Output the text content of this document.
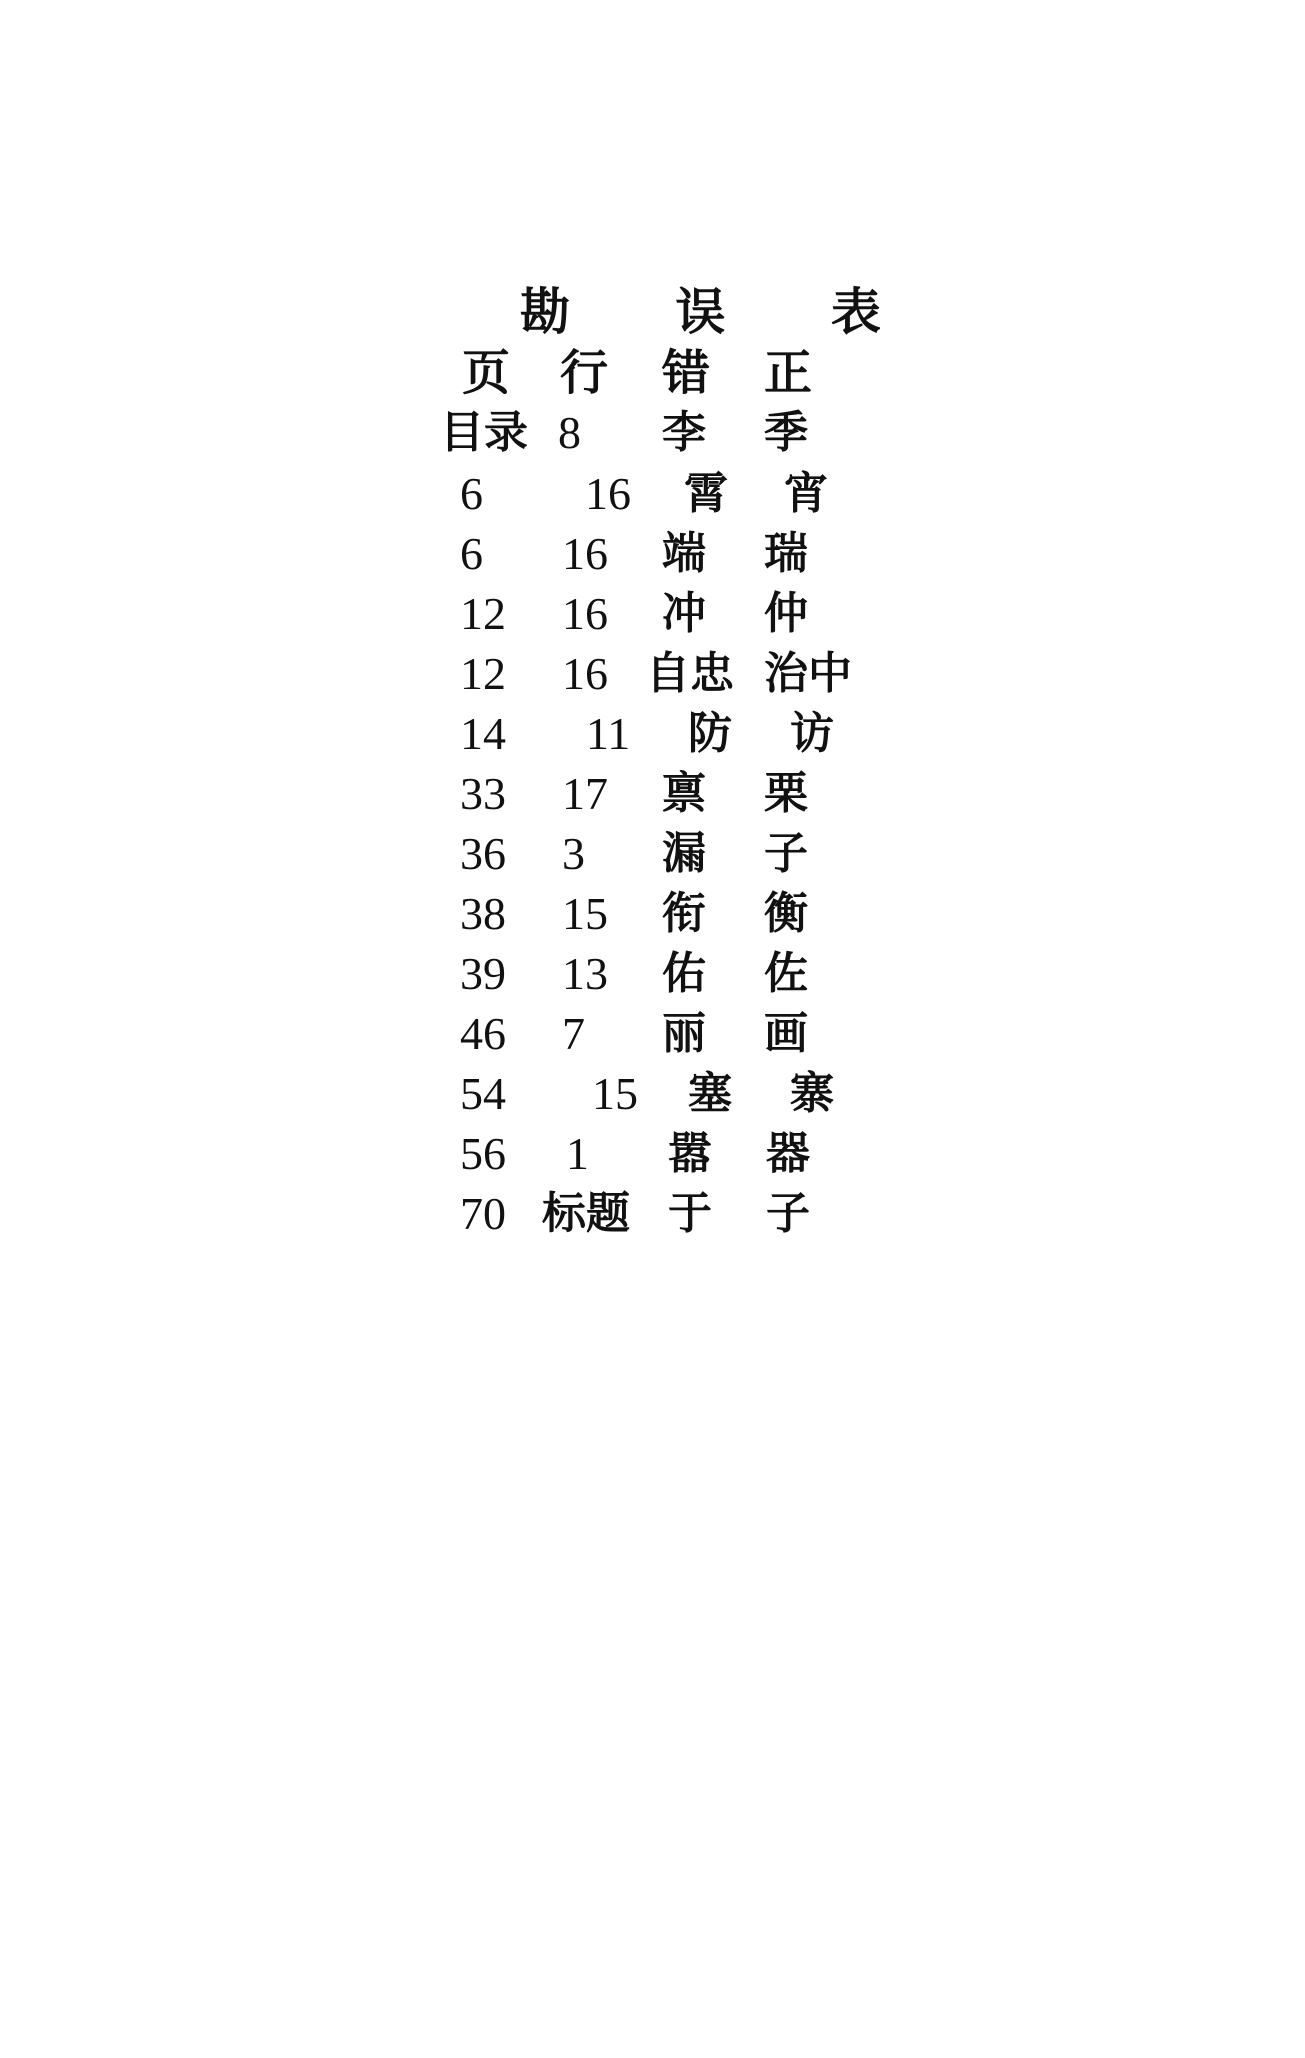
勘 误 表
页 行 错 正
目录 8 李 季
6 16 霄 宵
6 16 端 瑞
12 16 冲 仲
12 16 自忠 治中
14 11 防 访
33 17 禀 栗
36 3 漏 子
38 15 衔 衡
39 13 佑 佐
46 7 丽 画
54 15 塞 寨
56 1 嚣 器
70 标题 于 子
